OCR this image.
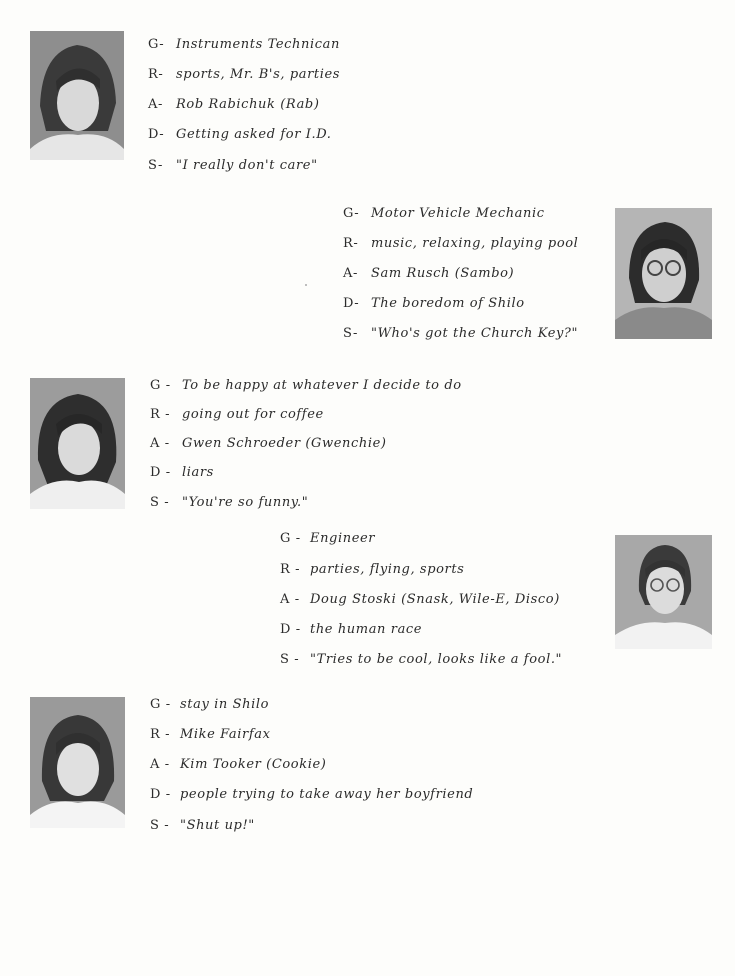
G- Instruments Technican
R- sports, Mr. B's, parties
A- Rob Rabichuk (Rab)
D- Getting asked for I.D.
S- "I really don't care"
G- Motor Vehicle Mechanic
R- music, relaxing, playing pool
A- Sam Rusch (Sambo)
D- The boredom of Shilo
S- "Who's got the Church Key?"
G - To be happy at whatever I decide to do
R - going out for coffee
A - Gwen Schroeder (Gwenchie)
D - liars
S - "You're so funny."
G - Engineer
R - parties, flying, sports
A - Doug Stoski (Snask, Wile-E, Disco)
D - the human race
S - "Tries to be cool, looks like a fool."
G - stay in Shilo
R - Mike Fairfax
A - Kim Tooker (Cookie)
D - people trying to take away her boyfriend
S - "Shut up!"
